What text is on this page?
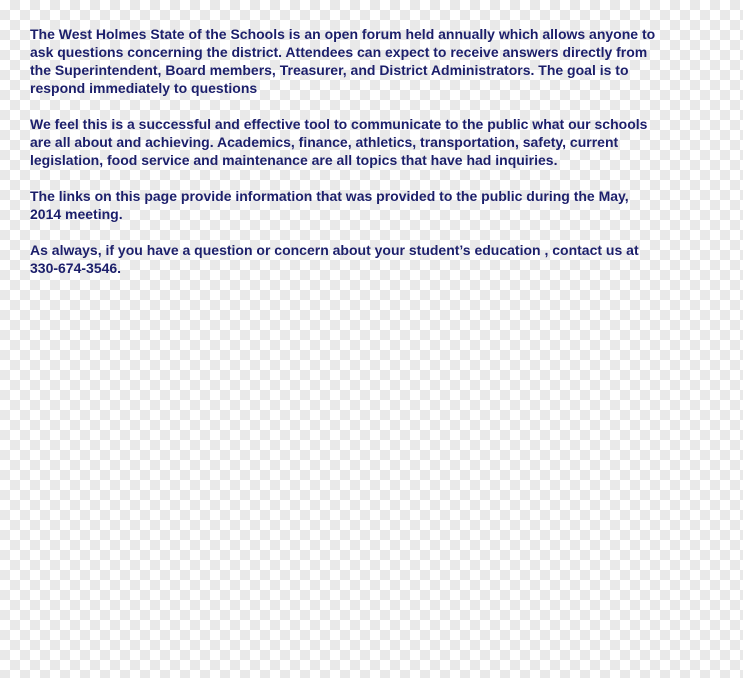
The West Holmes State of the Schools is an open forum held annually which allows anyone to
ask questions concerning the district. Attendees can expect to receive answers directly from
the Superintendent, Board members, Treasurer, and District Administrators. The goal is to
respond immediately to questions

We feel this is a successful and effective tool to communicate to the public what our schools
are all about and achieving. Academics, finance, athletics, transportation, safety, current
legislation, food service and maintenance are all topics that have had inquiries.

The links on this page provide information that was provided to the public during the May,
2014 meeting.

As always, if you have a question or concern about your student’s education , contact us at
330-674-3546.
